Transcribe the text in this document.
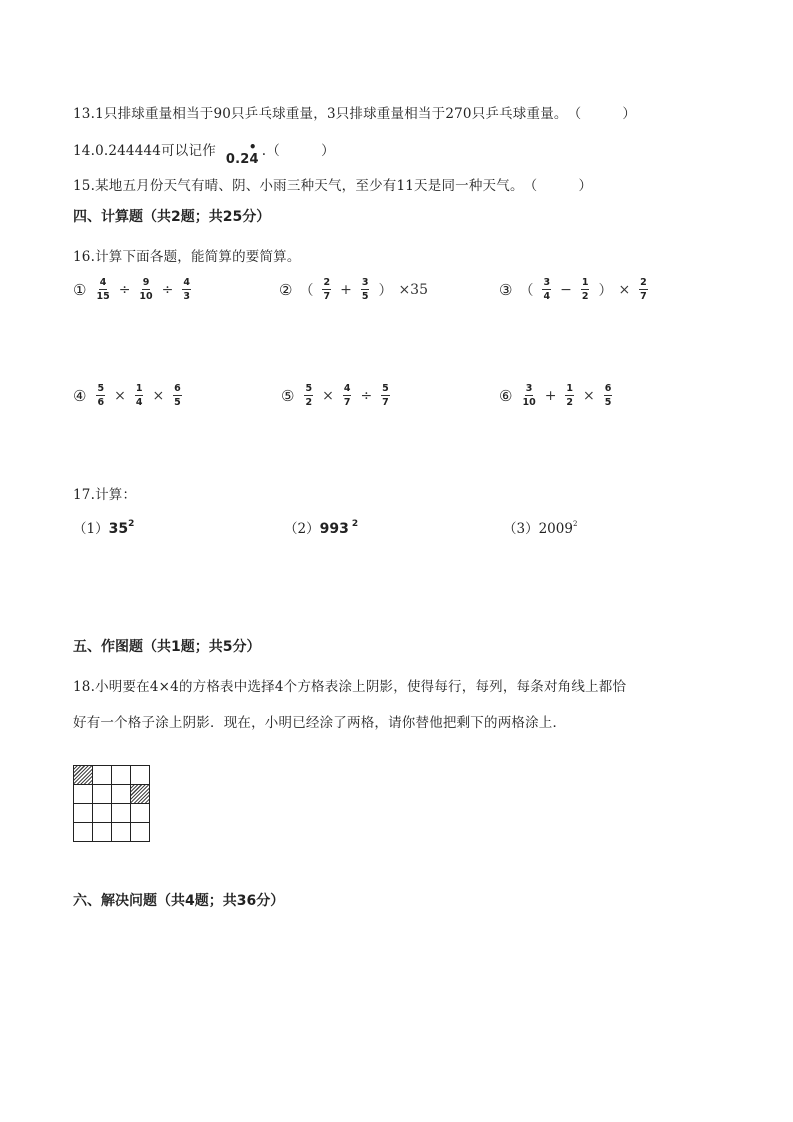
13.1只排球重量相当于90只乒乓球重量，3只排球重量相当于270只乒乓球重量。（　　　）
14.0.244444可以记作0.24
• .（　　　）
15.某地五月份天气有晴、阴、小雨三种天气，至少有11天是同一种天气。（　　　）
四、计算题（共2题；共25分）
16.计算下面各题，能简算的要简算。
① $\frac{4}{15} \div \frac{9}{10} \div \frac{4}{3}$	② （ $\frac{2}{7} + \frac{3}{5}$ ） ×35	③ （ $\frac{3}{4} - \frac{1}{2}$ ） × $\frac{2}{7}$
④ $\frac{5}{6} \times \frac{1}{4} \times \frac{6}{5}$	⑤ $\frac{5}{2} \times \frac{4}{7} \div \frac{5}{7}$	⑥ $\frac{3}{10} + \frac{1}{2} \times \frac{6}{5}$
17.计算：
$(1)35^2$	（2）993 $^2$	（3）2009$^2$
五、作图题（共1题；共5分）
18.小明要在4×4的方格表中选择4个方格表涂上阴影，使得每行，每列，每条对角线上都恰
好有一个格子涂上阴影．现在，小明已经涂了两格，请你替他把剩下的两格涂上．
六、解决问题（共4题；共36分）
